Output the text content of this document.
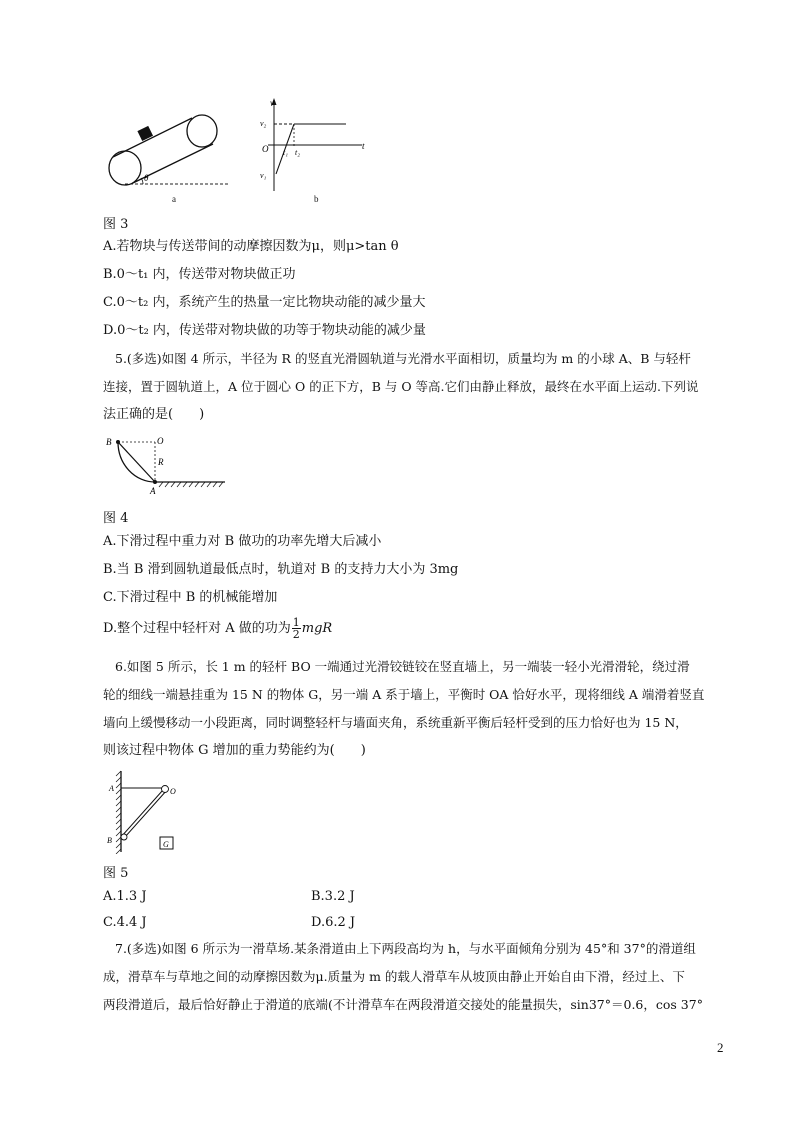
θ
a
v
v₂
O
v₁
t₁ t₂
t
b
图 3
A.若物块与传送带间的动摩擦因数为μ，则μ>tan θ
B.0～t₁ 内，传送带对物块做正功
C.0～t₂ 内，系统产生的热量一定比物块动能的减少量大
D.0～t₂ 内，传送带对物块做的功等于物块动能的减少量
5.(多选)如图 4 所示，半径为 R 的竖直光滑圆轨道与光滑水平面相切，质量均为 m 的小球 A、B 与轻杆
连接，置于圆轨道上，A 位于圆心 O 的正下方，B 与 O 等高.它们由静止释放，最终在水平面上运动.下列说
法正确的是(　　)
B	O
R
A
图 4
A.下滑过程中重力对 B 做功的功率先增大后减小
B.当 B 滑到圆轨道最低点时，轨道对 B 的支持力大小为 3mg
C.下滑过程中 B 的机械能增加
D.整个过程中轻杆对 A 做的功为 $\frac{1}{2}$ mgR
6.如图 5 所示，长 1 m 的轻杆 BO 一端通过光滑铰链铰在竖直墙上，另一端装一轻小光滑滑轮，绕过滑
轮的细线一端悬挂重为 15 N 的物体 G，另一端 A 系于墙上，平衡时 OA 恰好水平，现将细线 A 端滑着竖直
墙向上缓慢移动一小段距离，同时调整轻杆与墙面夹角，系统重新平衡后轻杆受到的压力恰好也为 15 N，
则该过程中物体 G 增加的重力势能约为(　　)
A	O
B	G
图 5
A.1.3 J	B.3.2 J
C.4.4 J	D.6.2 J
7.(多选)如图 6 所示为一滑草场.某条滑道由上下两段高均为 h，与水平面倾角分别为 45°和 37°的滑道组
成，滑草车与草地之间的动摩擦因数为μ.质量为 m 的载人滑草车从坡顶由静止开始自由下滑，经过上、下
两段滑道后，最后恰好静止于滑道的底端(不计滑草车在两段滑道交接处的能量损失，sin37°＝0.6，cos 37°
2
